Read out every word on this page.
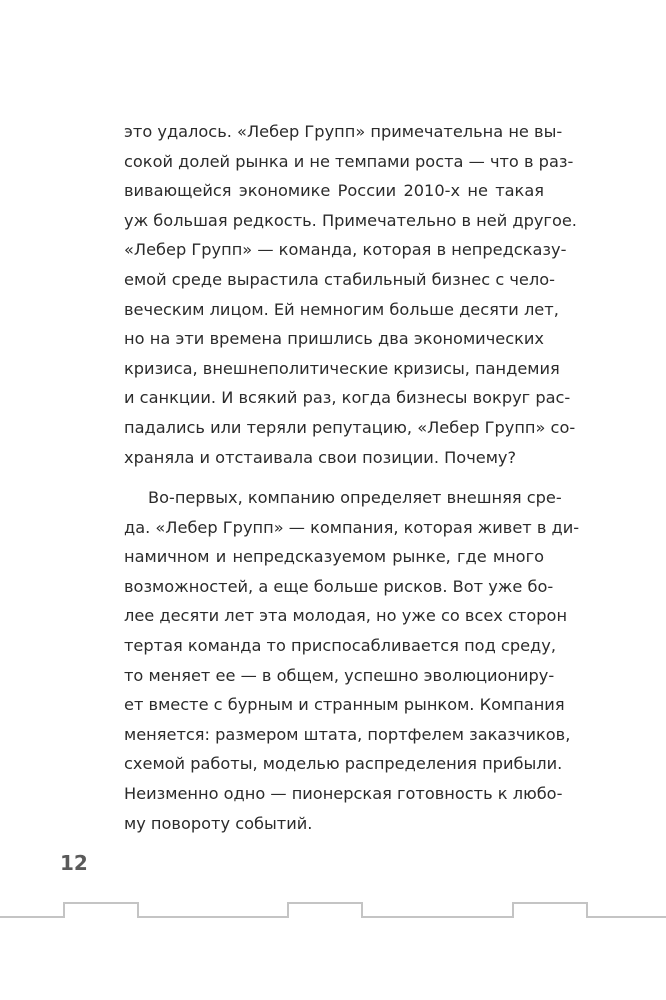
это удалось. «Лебер Групп» примечательна не вы-
сокой долей рынка и не темпами роста — что в раз-
вивающейся экономике России 2010-х не такая
уж большая редкость. Примечательно в ней другое.
«Лебер Групп» — команда, которая в непредсказу-
емой среде вырастила стабильный бизнес с чело-
веческим лицом. Ей немногим больше десяти лет,
но на эти времена пришлись два экономических
кризиса, внешнеполитические кризисы, пандемия
и санкции. И всякий раз, когда бизнесы вокруг рас-
падались или теряли репутацию, «Лебер Групп» со-
храняла и отстаивала свои позиции. Почему?
Во-первых, компанию определяет внешняя сре-
да. «Лебер Групп» — компания, которая живет в ди-
намичном и непредсказуемом рынке, где много
возможностей, а еще больше рисков. Вот уже бо-
лее десяти лет эта молодая, но уже со всех сторон
тертая команда то приспосабливается под среду,
то меняет ее — в общем, успешно эволюциониру-
ет вместе с бурным и странным рынком. Компания
меняется: размером штата, портфелем заказчиков,
схемой работы, моделью распределения прибыли.
Неизменно одно — пионерская готовность к любо-
му повороту событий.
12
